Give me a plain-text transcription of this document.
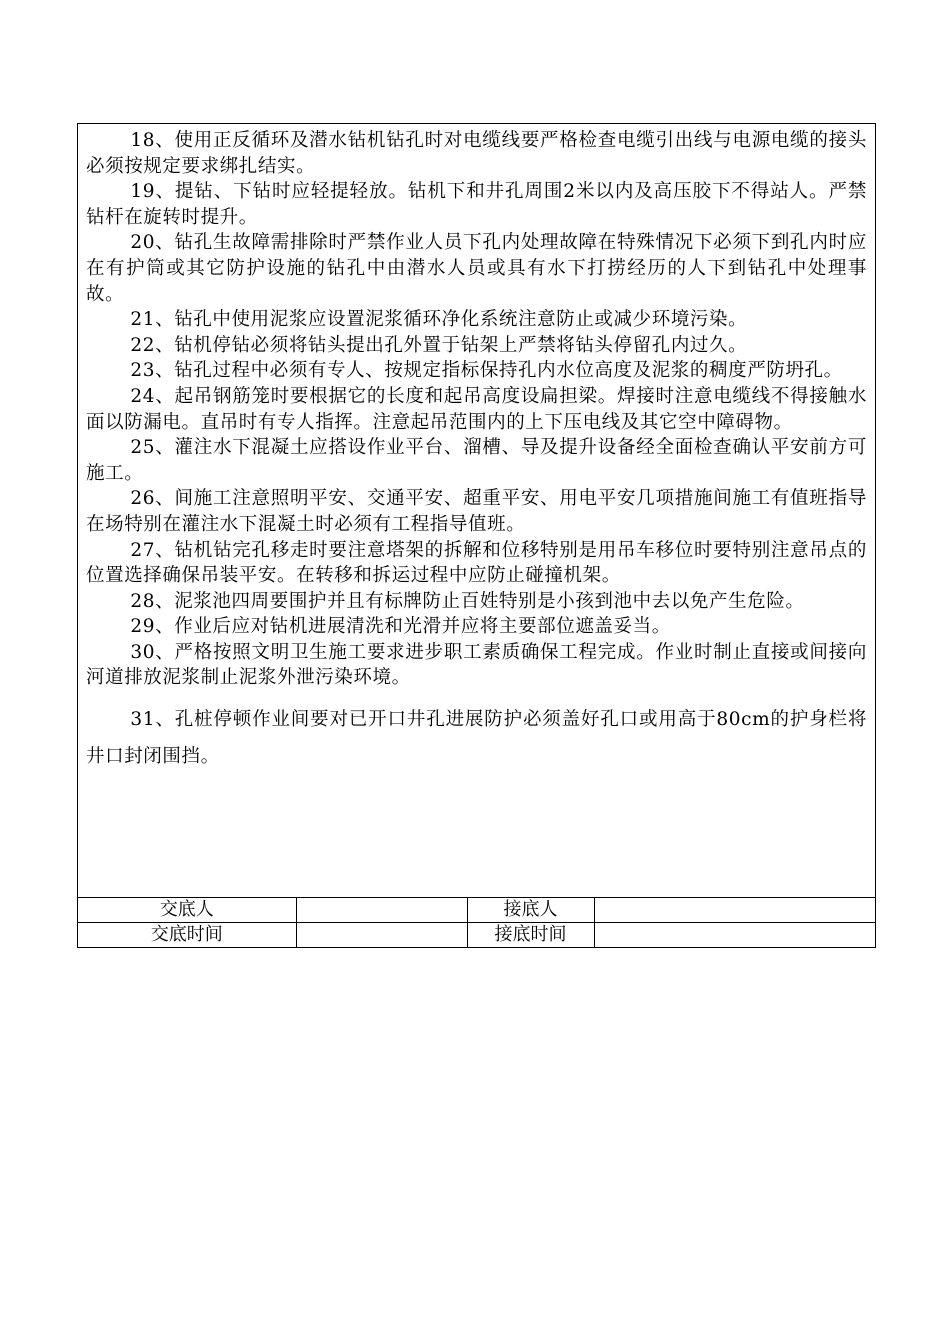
18、使用正反循环及潜水钻机钻孔时对电缆线要严格检查电缆引出线与电源电缆的接头必须按规定要求绑扎结实。

19、提钻、下钻时应轻提轻放。钻机下和井孔周围2米以内及高压胶下不得站人。严禁钻杆在旋转时提升。

20、钻孔生故障需排除时严禁作业人员下孔内处理故障在特殊情况下必须下到孔内时应在有护筒或其它防护设施的钻孔中由潜水人员或具有水下打捞经历的人下到钻孔中处理事故。

21、钻孔中使用泥浆应设置泥浆循环净化系统注意防止或减少环境污染。

22、钻机停钻必须将钻头提出孔外置于钻架上严禁将钻头停留孔内过久。

23、钻孔过程中必须有专人、按规定指标保持孔内水位高度及泥浆的稠度严防坍孔。

24、起吊钢筋笼时要根据它的长度和起吊高度设扁担梁。焊接时注意电缆线不得接触水面以防漏电。直吊时有专人指挥。注意起吊范围内的上下压电线及其它空中障碍物。

25、灌注水下混凝土应搭设作业平台、溜槽、导及提升设备经全面检查确认平安前方可施工。

26、间施工注意照明平安、交通平安、超重平安、用电平安几项措施间施工有值班指导在场特别在灌注水下混凝土时必须有工程指导值班。

27、钻机钻完孔移走时要注意塔架的拆解和位移特别是用吊车移位时要特别注意吊点的位置选择确保吊装平安。在转移和拆运过程中应防止碰撞机架。

28、泥浆池四周要围护并且有标牌防止百姓特别是小孩到池中去以免产生危险。

29、作业后应对钻机进展清洗和光滑并应将主要部位遮盖妥当。

30、严格按照文明卫生施工要求进步职工素质确保工程完成。作业时制止直接或间接向河道排放泥浆制止泥浆外泄污染环境。

31、孔桩停顿作业间要对已开口井孔进展防护必须盖好孔口或用高于80cm的护身栏将井口封闭围挡。

交底人		接底人	
交底时间		接底时间	
